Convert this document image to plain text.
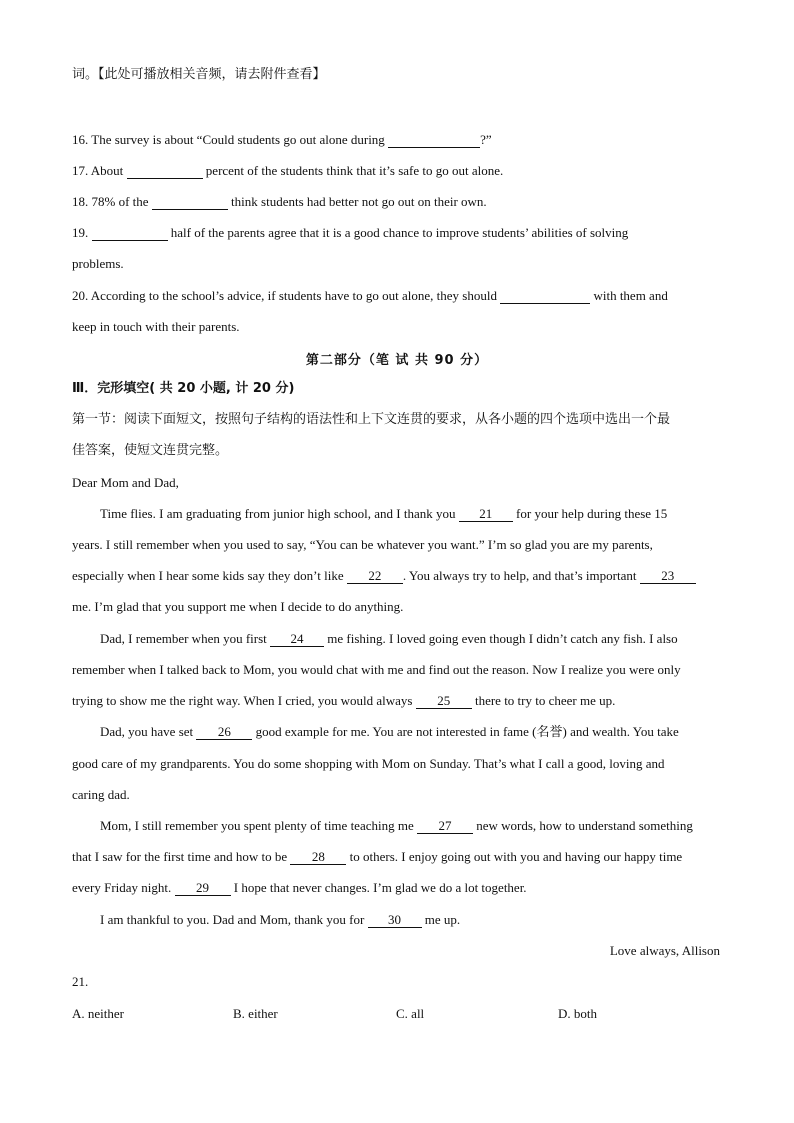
词。【此处可播放相关音频，请去附件查看】
16. The survey is about “Could students go out alone during	?”
17. About	percent of the students think that it’s safe to go out alone.
18. 78% of the	think students had better not go out on their own.
19.	half of the parents agree that it is a good chance to improve students’ abilities of solving
problems.
20. According to the school’s advice, if students have to go out alone, they should	with them and
keep in touch with their parents.
第二部分（笔 试 共 90 分）
Ⅲ．完形填空( 共 20 小题, 计 20 分)
第一节：阅读下面短文，按照句子结构的语法性和上下文连贯的要求，从各小题的四个选项中选出一个最
佳答案，使短文连贯完整。
Dear Mom and Dad,
Time flies. I am graduating from junior high school, and I thank you 21 for your help during these 15
years. I still remember when you used to say, “You can be whatever you want.” I’m so glad you are my parents,
especially when I hear some kids say they don’t like 22 . You always try to help, and that’s important 23
me. I’m glad that you support me when I decide to do anything.
Dad, I remember when you first 24 me fishing. I loved going even though I didn’t catch any fish. I also
remember when I talked back to Mom, you would chat with me and find out the reason. Now I realize you were only
trying to show me the right way. When I cried, you would always 25 there to try to cheer me up.
Dad, you have set 26 good example for me. You are not interested in fame (名誉) and wealth. You take
good care of my grandparents. You do some shopping with Mom on Sunday. That’s what I call a good, loving and
caring dad.
Mom, I still remember you spent plenty of time teaching me 27 new words, how to understand something
that I saw for the first time and how to be 28 to others. I enjoy going out with you and having our happy time
every Friday night. 29 I hope that never changes. I’m glad we do a lot together.
I am thankful to you. Dad and Mom, thank you for 30 me up.
Love always, Allison
21.
A. neither	B. either	C. all	D. both
